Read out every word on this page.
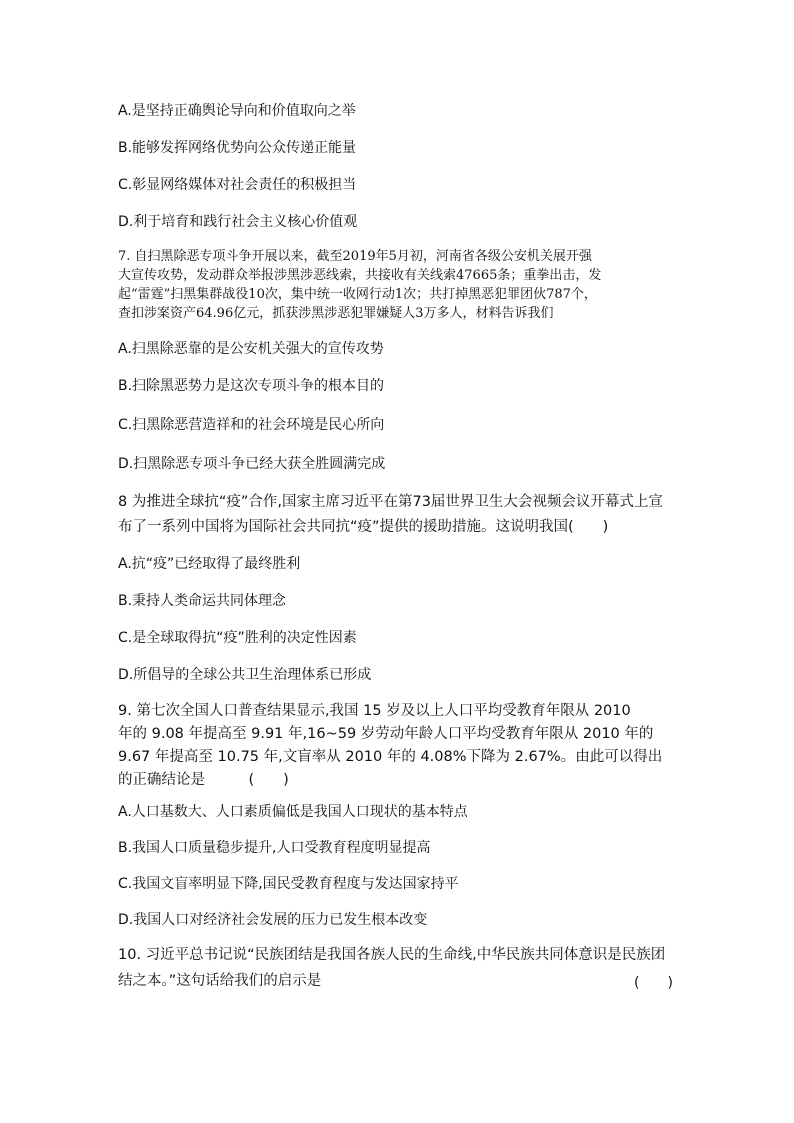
A.是坚持正确舆论导向和价值取向之举
B.能够发挥网络优势向公众传递正能量
C.彰显网络媒体对社会责任的积极担当
D.利于培育和践行社会主义核心价值观
7. 自扫黑除恶专项斗争开展以来，截至2019年5月初，河南省各级公安机关展开强
大宣传攻势，发动群众举报涉黑涉恶线索，共接收有关线索47665条；重拳出击，发
起“雷霆”扫黑集群战役10次，集中统一收网行动1次；共打掉黑恶犯罪团伙787个，
查扣涉案资产64.96亿元，抓获涉黑涉恶犯罪嫌疑人3万多人，材料告诉我们
A.扫黑除恶靠的是公安机关强大的宣传攻势
B.扫除黑恶势力是这次专项斗争的根本目的
C.扫黑除恶营造祥和的社会环境是民心所向
D.扫黑除恶专项斗争已经大获全胜圆满完成
8 为推进全球抗“疫”合作,国家主席习近平在第73届世界卫生大会视频会议开幕式上宣
布了一系列中国将为国际社会共同抗“疫”提供的援助措施。这说明我国(　　)
A.抗“疫”已经取得了最终胜利
B.秉持人类命运共同体理念
C.是全球取得抗“疫”胜利的决定性因素
D.所倡导的全球公共卫生治理体系已形成
9. 第七次全国人口普查结果显示,我国 15 岁及以上人口平均受教育年限从 2010
年的 9.08 年提高至 9.91 年,16~59 岁劳动年龄人口平均受教育年限从 2010 年的
9.67 年提高至 10.75 年,文盲率从 2010 年的 4.08%下降为 2.67%。由此可以得出
的正确结论是　　　(　　)
A.人口基数大、人口素质偏低是我国人口现状的基本特点
B.我国人口质量稳步提升,人口受教育程度明显提高
C.我国文盲率明显下降,国民受教育程度与发达国家持平
D.我国人口对经济社会发展的压力已发生根本改变
10. 习近平总书记说“民族团结是我国各族人民的生命线,中华民族共同体意识是民族团
结之本。”这句话给我们的启示是	(　　)
